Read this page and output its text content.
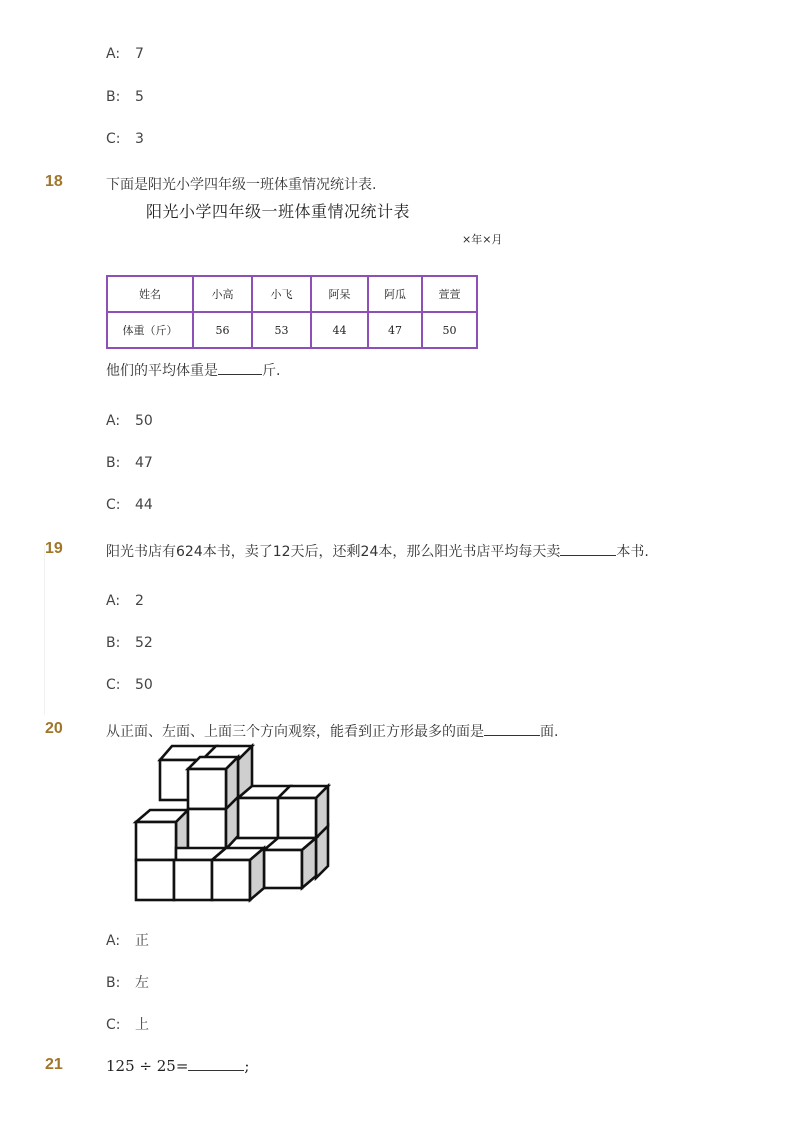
A: 7
B: 5
C: 3
18	下面是阳光小学四年级一班体重情况统计表.
阳光小学四年级一班体重情况统计表
×年×月
姓名	小高	小飞	阿呆	阿瓜	萱萱
体重（斤）	56	53	44	47	50
他们的平均体重是	斤.
A: 50
B: 47
C: 44
19	阳光书店有624本书，卖了12天后，还剩24本，那么阳光书店平均每天卖	本书.
A: 2
B: 52
C: 50
20	从正面、左面、上面三个方向观察，能看到正方形最多的面是	面.
A: 正
B: 左
C: 上
21	125 ÷ 25=	;
